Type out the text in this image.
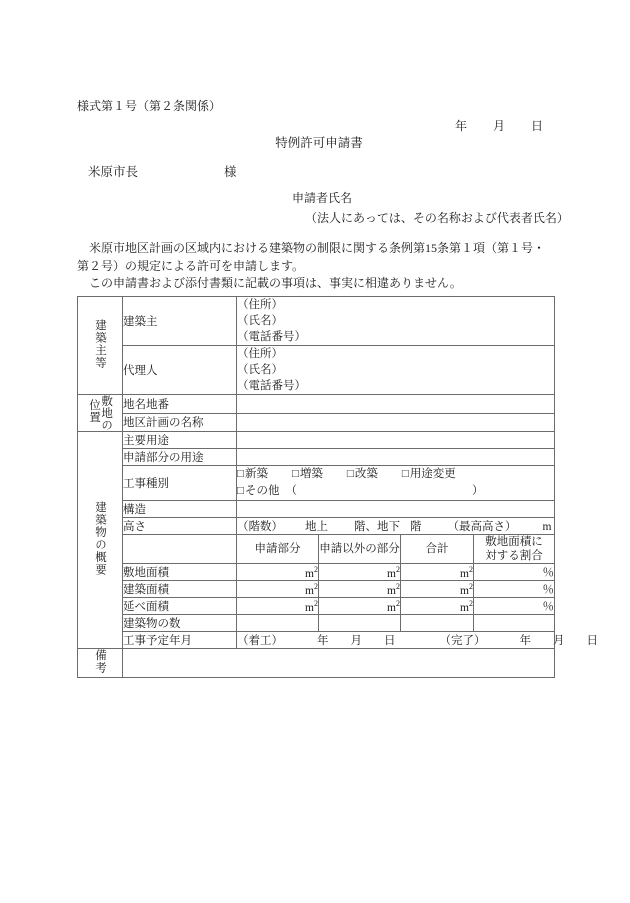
様式第１号（第２条関係）
年 月 日
特例許可申請書
米原市長	様
申請者氏名
（法人にあっては、その名称および代表者氏名）
米原市地区計画の区域内における建築物の制限に関する条例第15条第１項（第１号・第２号）の規定による許可を申請します。
この申請書および添付書類に記載の事項は、事実に相違ありません。
建築主等	建築主	（住所）
（氏名）
（電話番号）			

	代理人	（住所）
（氏名）
（電話番号）			

敷地の
位置	地名地番				
	地区計画の名称				
建築物の概要	主要用途				
	申請部分の用途				
	工事種別	□新築 □増築 □改築 □用途変更
□その他 （ ）			

	構造				
	高さ	（階数） 地上 階、地下 階 （最高高さ） m			
		申請部分	申請以外の部分	合計	敷地面積に
対する割合

	敷地面積	$m^2$	$m^2$	$m^2$	％
	建築面積	$m^2$	$m^2$	$m^2$	％
	延べ面積	$m^2$	$m^2$	$m^2$	％
	建築物の数				
	工事予定年月	（着工） 年 月 日 （完了） 年 月 日			
備考					
